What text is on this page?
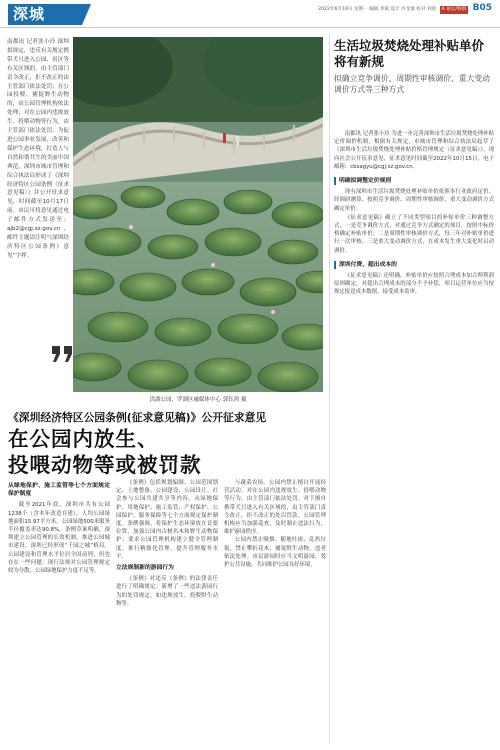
深城	2022年6月19日 星期一 编辑 李斌 设计 冉龙瑜 校对 刘晨 A 论坛/特别 B05
南都讯 记者张小玲 深圳拟规定，违反有关规定携带犬只进入公园、景区等有关区域的，由主管部门责令改正，拒不改正的由主管部门依法处罚；在公园投喂、捕捉野生动物的，由公园管理机构依法处理；对在公园内违规放生、投喂动物等行为，由主管部门依法处罚。为促进公园事业发展，改善和保护生态环境，打造人与自然和谐共生的美丽中国典范，深圳市城市管理和综合执法局形成了《深圳经济特区公园条例（征求意见稿）》并公开征求意见，时间截至10月17日前。市民可将意见通过电子邮件方式发送至：ajb2@cgj.sz.gov.cn，邮件主题请注明“《深圳经济特区公园条例》意见”字样。
洪湖公园，罗湖区融媒体中心 郭钰鸿 摄
《深圳经济特区公园条例(征求意见稿)》公开征求意见
在公园内放生、
投喂动物等或被罚款
从绿地保护、施工监管等七个方面规定保护制度

截至2021年底，深圳市共有公园1238个（含本年改造在建），人均公园绿地面积15.97平方米，公园绿地500米服务半径覆盖率达90.8%。条例草案明确，深圳建立公园管理的长效机制，推进公园城市建设。深圳已经形成“千园之城”格局，公园建设和管理水平位居全国前列，但也存在一些问题：现行法规对公园管理规定较为分散、公园绿地保护力度不足等。

《条例》包括规划编制、公园范围划定、土地整备、公园建设、公园设计、社会参与公园共建共享等内容。从绿地保护、用地保护、施工监管、产权保护、公园保护、服务保障等七个方面规定保护制度。条例强调，将保护生态环境放在首要位置，加强公园内古树名木和野生动物保护；要求公园管理机构建立健全管理制度，推行精细化管理，提升管理服务水平。

立法规制新的游园行为

《条例》对违反《条例》的法律责任进行了明确规定。新增了一些违法游园行为的处罚规定，如违规放生、投喂野生动物等。

与蔬菜农场。公园内禁止擅自开展经营活动。对在公园内违规放生、投喂动物等行为，由主管部门依法处罚。对于擅自携带犬只进入有关区域的，由主管部门责令改正，拒不改正的处以罚款。公园管理机构应当加强巡查，及时制止违法行为，维护游园秩序。

公园内禁止吸烟、随地吐痰、乱扔垃圾，禁止攀折花木、捕捉野生动物，违者依法处理。市民游园时应当文明游园，爱护公共设施，共同维护公园良好环境。

生活垃圾焚烧处理补贴单价将有新规
拟确立竞争调价、周期性审核调价、重大变动调价方式等三种方式

南都讯 记者张小玲 为进一步完善深圳市生活垃圾焚烧处理补贴定价调价机制，根据有关规定，市城市管理和综合执法局起草了《深圳市生活垃圾焚烧处理补贴价格管理规定（征求意见稿）》，现向社会公开征求意见，征求意见时间截至2022年10月15日，电子邮箱：cbsagyu@cgj.sz.gov.cn。

明确拟调整定价规则

现有深圳市生活垃圾焚烧处理补贴单价依照本行业政府定价，经调研测算，按照竞争调价、周期性审核调价、重大变动调价方式确定单价。

《征求意见稿》确立了不同类型项目的补贴单价三种调整方式，一是竞争调价方式，对通过竞争方式确定的项目，按照中标价格确定补贴单价；二是周期性审核调价方式，每三年对补贴单价进行一次审核；三是重大变动调价方式，在成本发生重大变化时启动调价。

深圳付费、超出成本的

《征求意见稿》还明确，补贴单价应按照合理成本加合理利润原则确定，对超出合理成本的部分不予补偿，项目运营单位应当按规定报送成本数据，接受成本监审。
